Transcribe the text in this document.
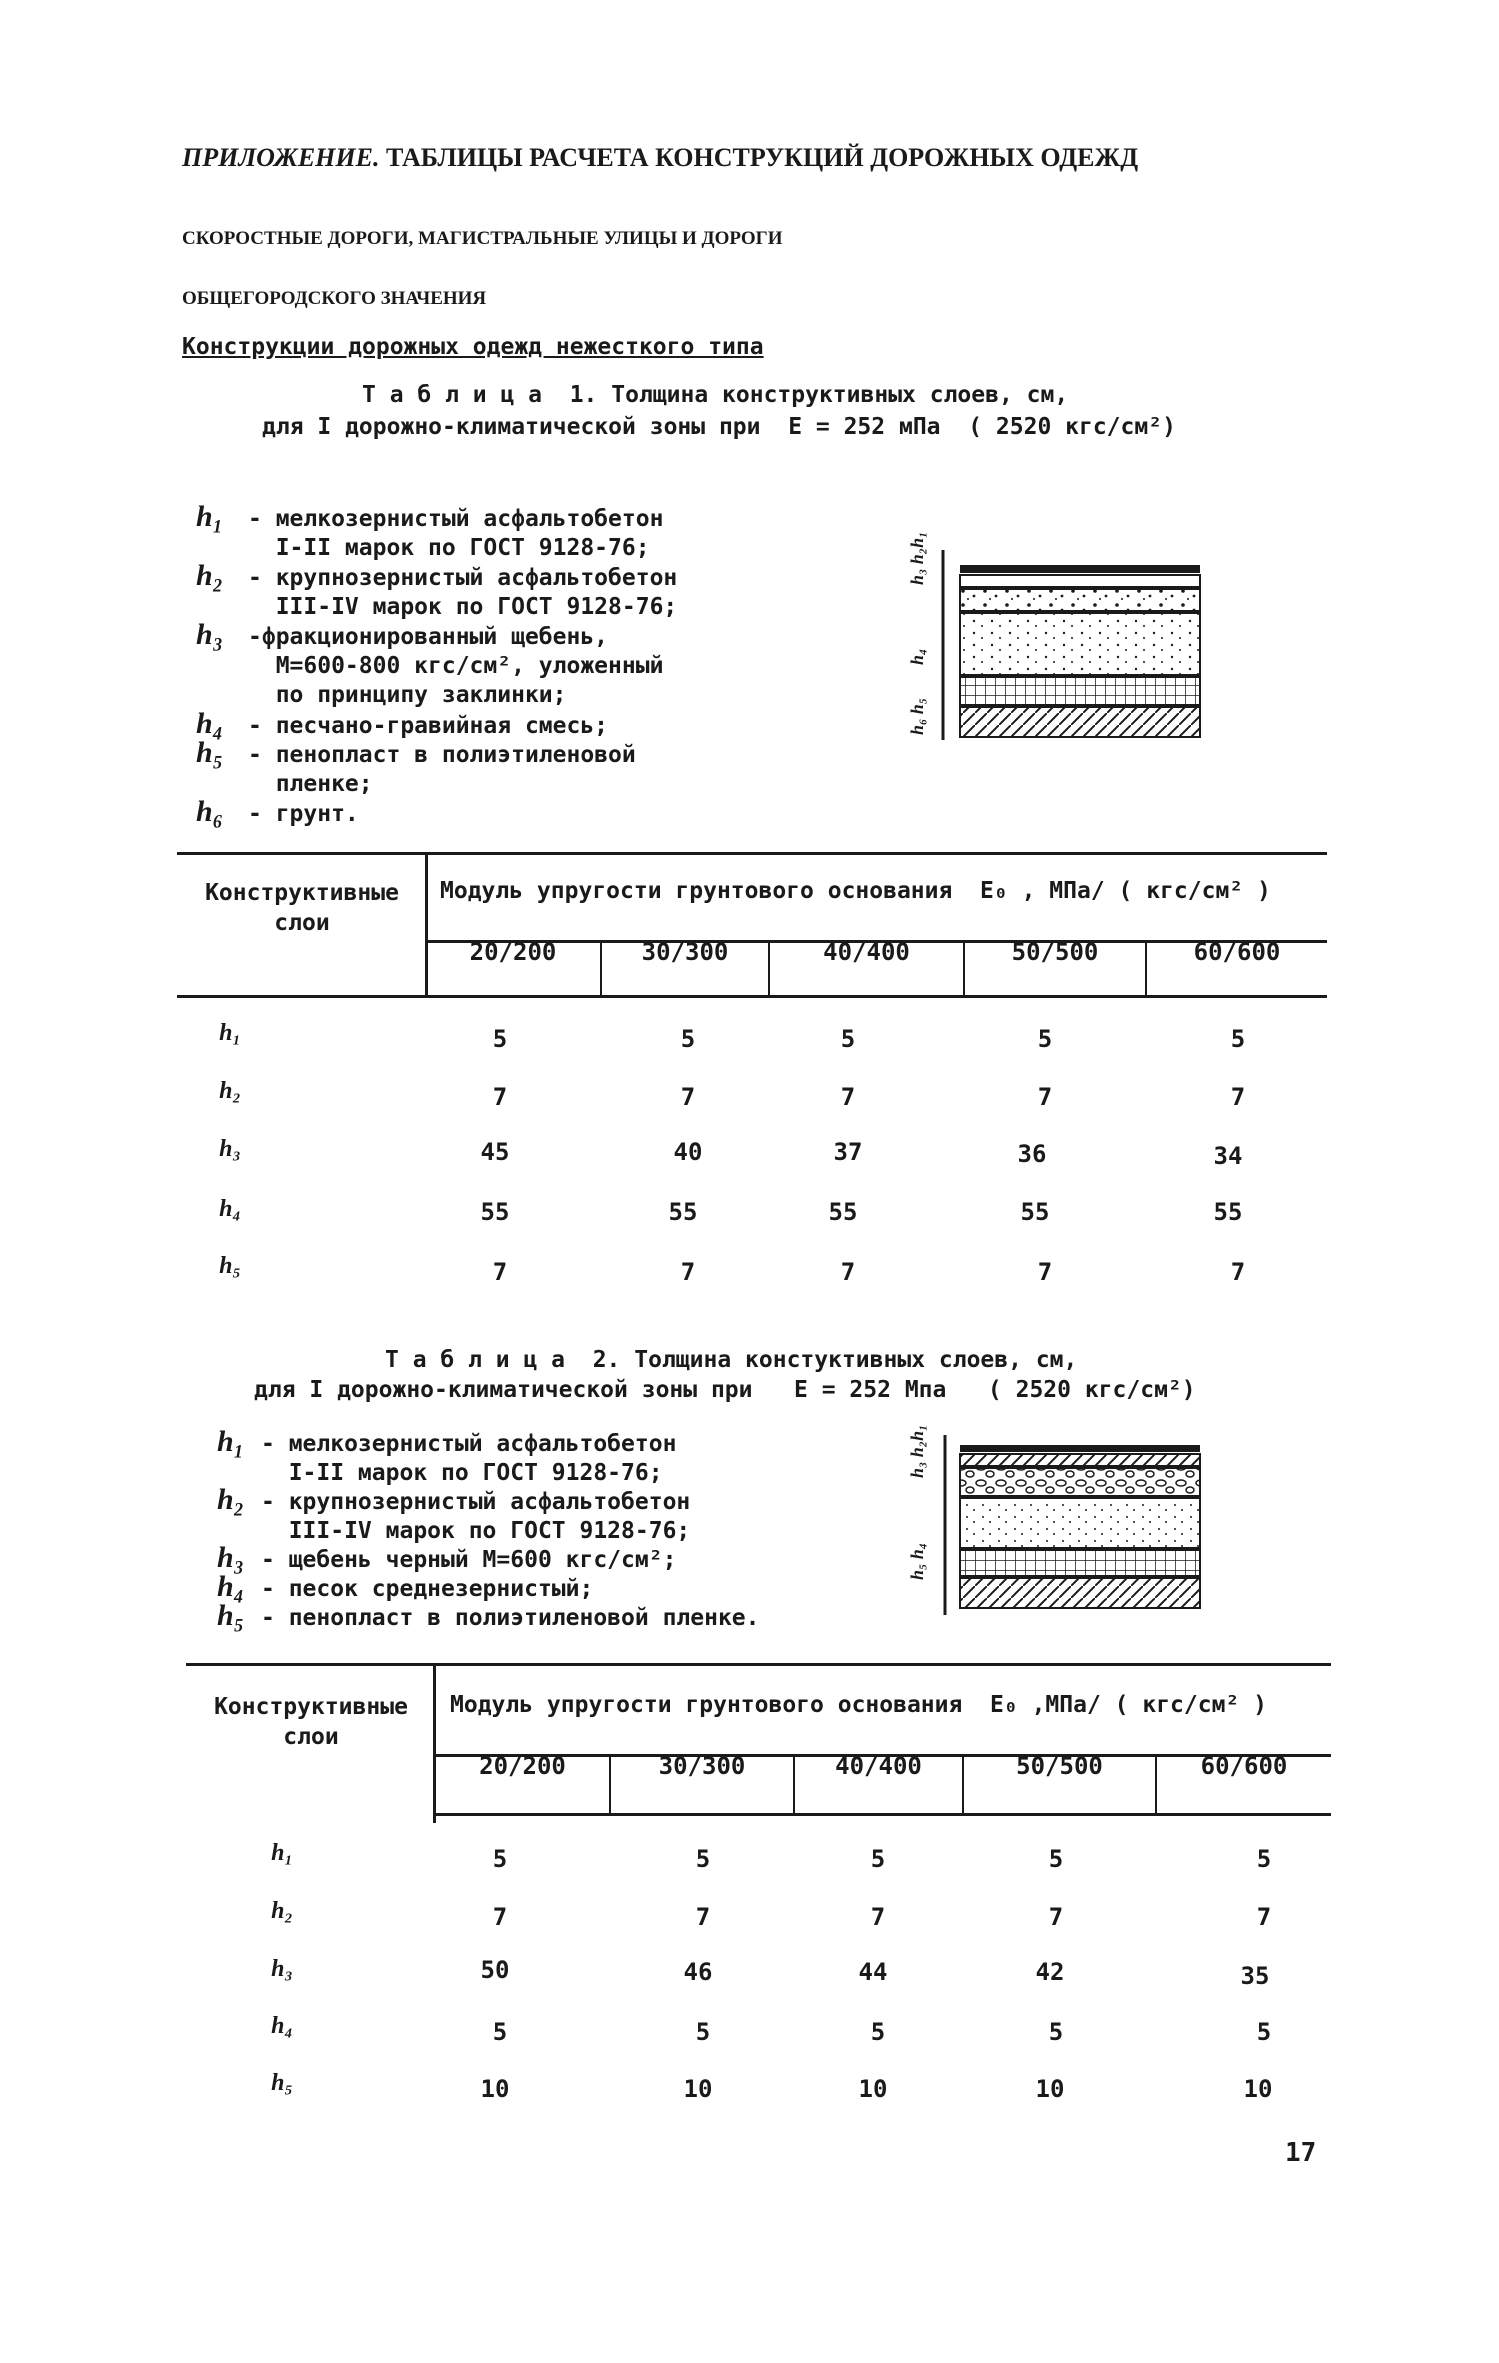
ПРИЛОЖЕНИЕ. ТАБЛИЦЫ РАСЧЕТА КОНСТРУКЦИЙ ДОРОЖНЫХ ОДЕЖД
СКОРОСТНЫЕ ДОРОГИ, МАГИСТРАЛЬНЫЕ УЛИЦЫ И ДОРОГИ
ОБЩЕГОРОДСКОГО ЗНАЧЕНИЯ
Конструкции дорожных одежд нежесткого типа
Т а б л и ц а  1. Толщина конструктивных слоев, см,
для I дорожно-климатической зоны при  E = 252 мПа  ( 2520 кгс/см²)
h₁	- мелкозернистый асфальтобетон
I-II марок по ГОСТ 9128-76;
h₂	- крупнозернистый асфальтобетон
III-IV марок по ГОСТ 9128-76;
h₃	-фракционированный щебень,
М=600-800 кгс/см², уложенный
по принципу заклинки;
h₄	- песчано-гравийная смесь;
h₅	- пенопласт в полиэтиленовой
пленке;
h₆	- грунт.
h₃ h₂h₁
h₄
h₆ h₅
Конструктивные
слои
Модуль упругости грунтового основания  E₀ , МПа/ ( кгс/см² )
20/200	30/300	40/400	50/500	60/600
h₁	5	5	5	5	5
h₂	7	7	7	7	7
h₃	45	40	37	36	34
h₄	55	55	55	55	55
h₅	7	7	7	7	7
Т а б л и ц а  2. Толщина констуктивных слоев, см,
для I дорожно-климатической зоны при   E = 252 Мпа   ( 2520 кгс/см²)
h₁ - мелкозернистый асфальтобетон
I-II марок по ГОСТ 9128-76;
h₂ - крупнозернистый асфальтобетон
III-IV марок по ГОСТ 9128-76;
h₃ - щебень черный М=600 кгс/см²;
h₄ - песок среднезернистый;
h₅ - пенопласт в полиэтиленовой пленке.
h₃ h₂h₁
h₅ h₄
Конструктивные
слои
Модуль упругости грунтового основания  E₀ ,МПа/ ( кгс/см² )
20/200	30/300	40/400	50/500	60/600
h₁	5	5	5	5	5
h₂	7	7	7	7	7
h₃	50	46	44	42	35
h₄	5	5	5	5	5
h₅	10	10	10	10	10
17
